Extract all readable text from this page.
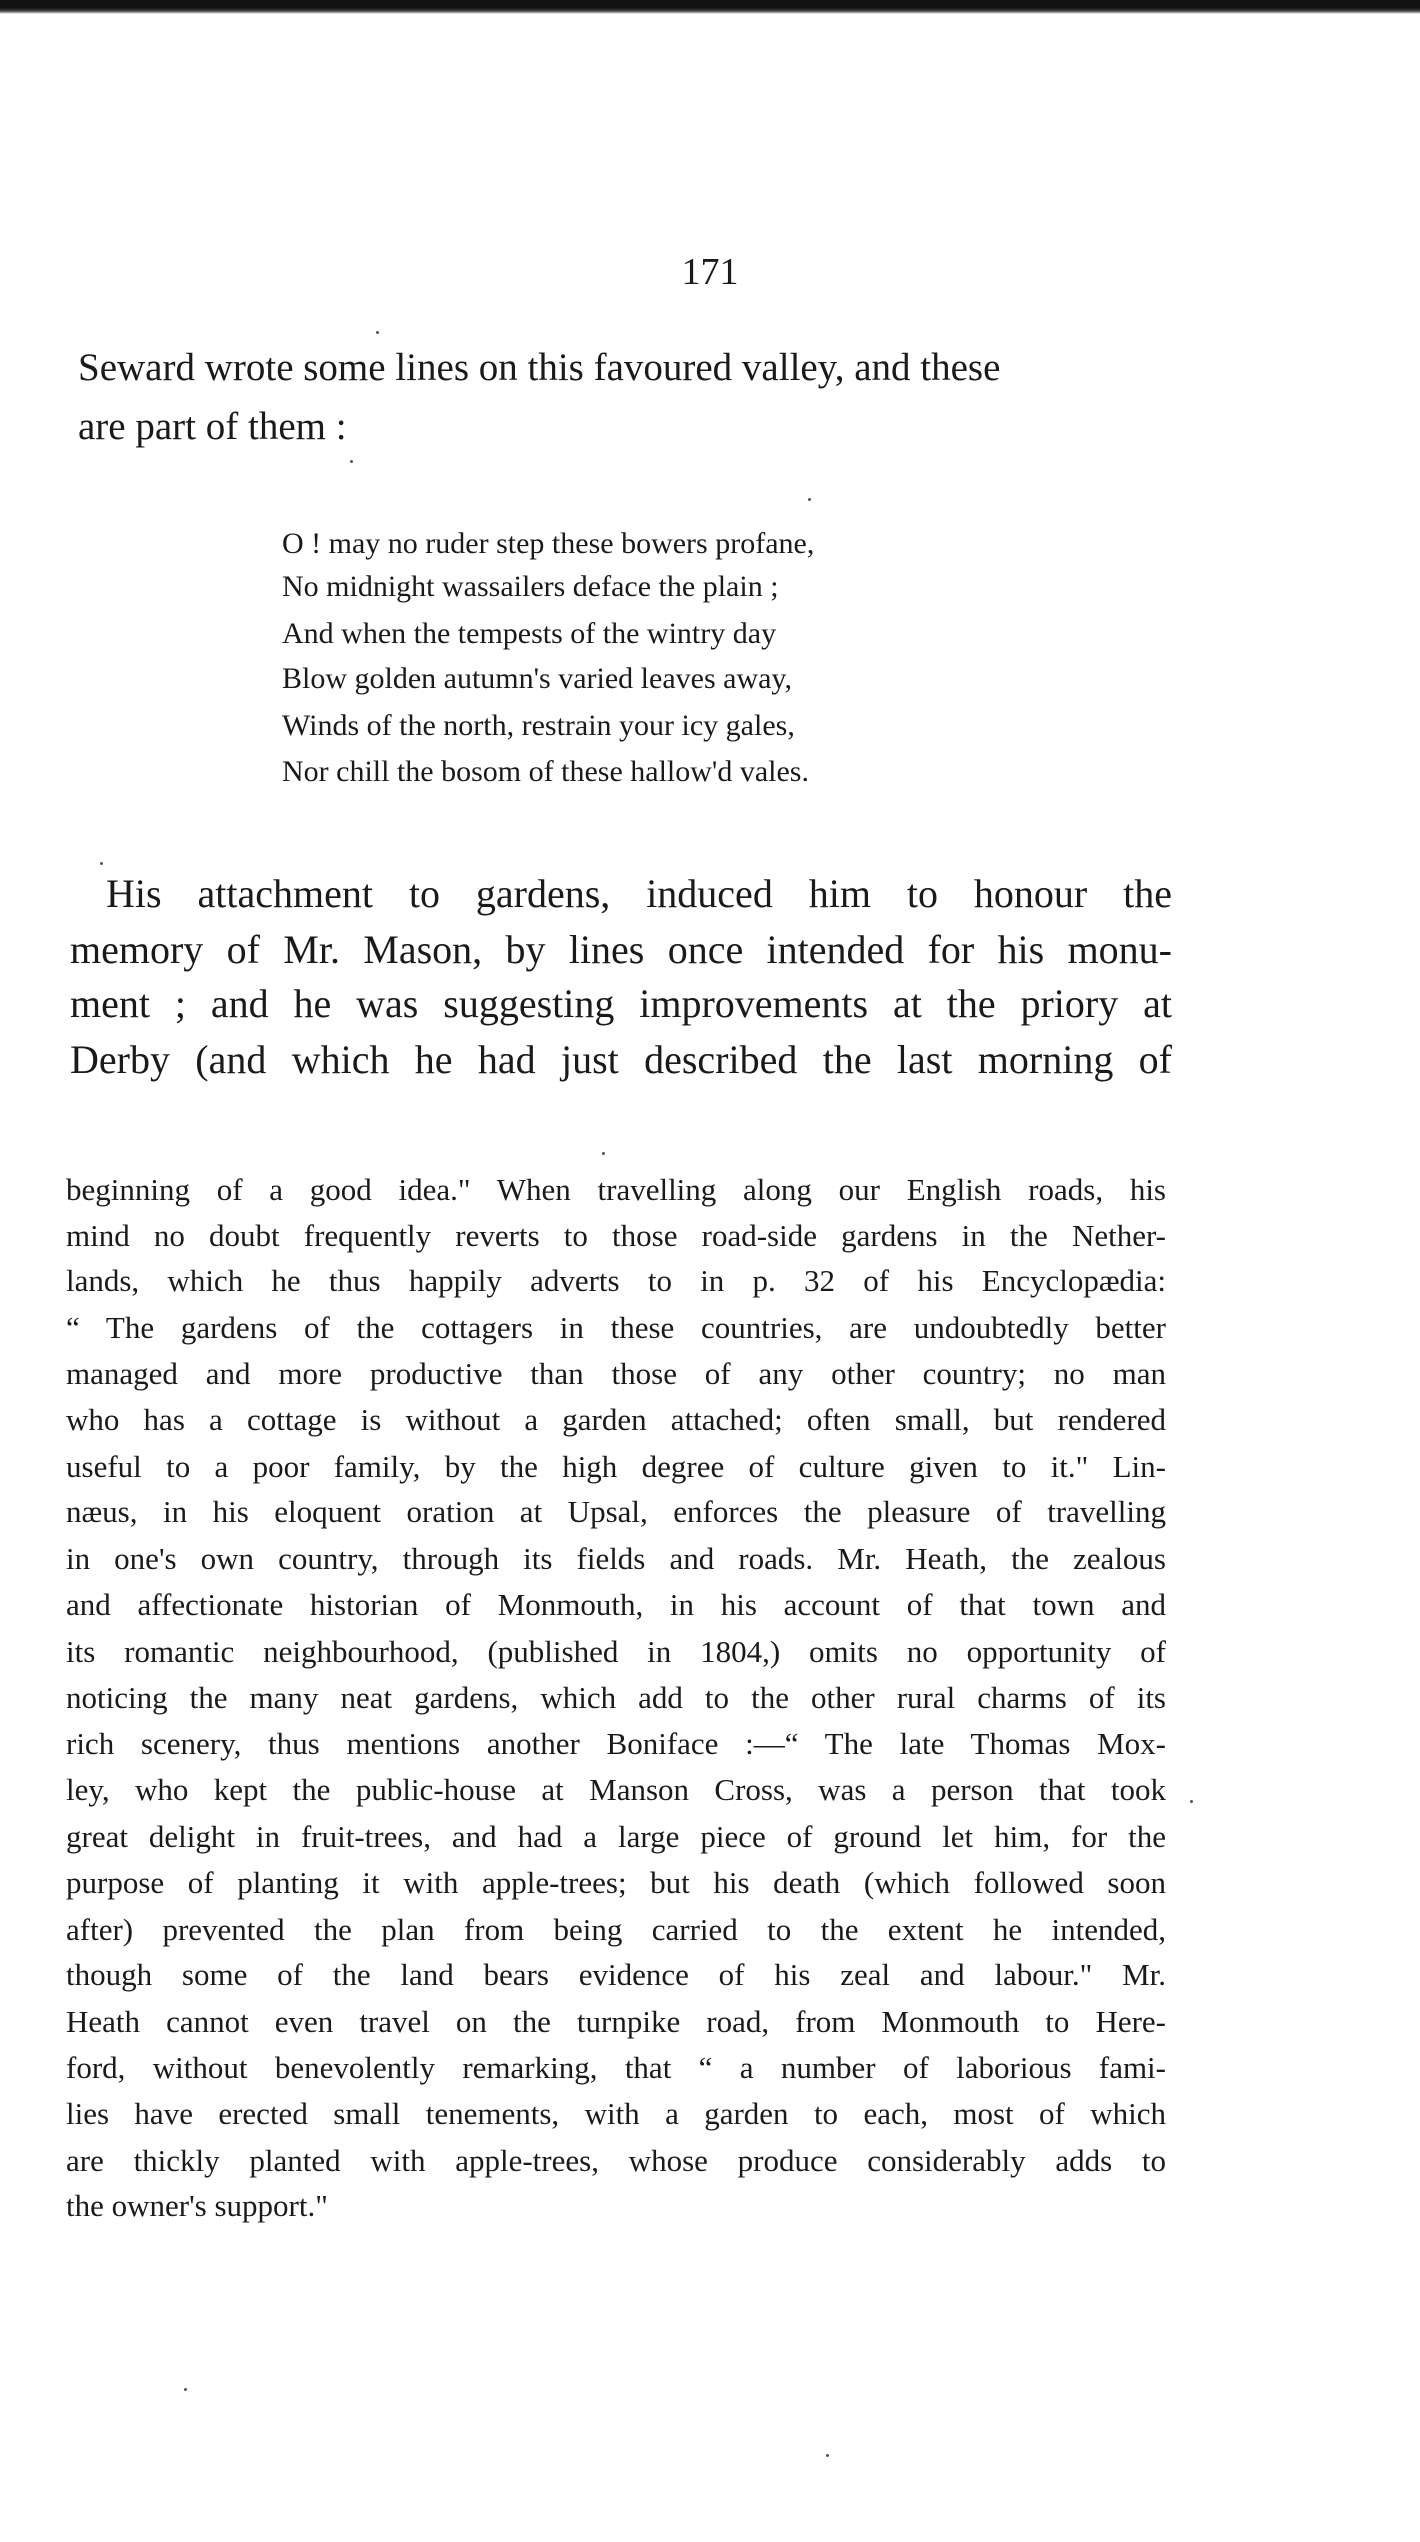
171
Seward wrote some lines on this favoured valley, and these
are part of them :
O ! may no ruder step these bowers profane,
No midnight wassailers deface the plain ;
And when the tempests of the wintry day
Blow golden autumn's varied leaves away,
Winds of the north, restrain your icy gales,
Nor chill the bosom of these hallow'd vales.
His attachment to gardens, induced him to honour the
memory of Mr. Mason, by lines once intended for his monu-
ment ; and he was suggesting improvements at the priory at
Derby (and which he had just described the last morning of
beginning of a good idea." When travelling along our English roads, his
mind no doubt frequently reverts to those road-side gardens in the Nether-
lands, which he thus happily adverts to in p. 32 of his Encyclopædia:
“ The gardens of the cottagers in these countries, are undoubtedly better
managed and more productive than those of any other country; no man
who has a cottage is without a garden attached; often small, but rendered
useful to a poor family, by the high degree of culture given to it." Lin-
næus, in his eloquent oration at Upsal, enforces the pleasure of travelling
in one's own country, through its fields and roads. Mr. Heath, the zealous
and affectionate historian of Monmouth, in his account of that town and
its romantic neighbourhood, (published in 1804,) omits no opportunity of
noticing the many neat gardens, which add to the other rural charms of its
rich scenery, thus mentions another Boniface :—“ The late Thomas Mox-
ley, who kept the public-house at Manson Cross, was a person that took
great delight in fruit-trees, and had a large piece of ground let him, for the
purpose of planting it with apple-trees; but his death (which followed soon
after) prevented the plan from being carried to the extent he intended,
though some of the land bears evidence of his zeal and labour." Mr.
Heath cannot even travel on the turnpike road, from Monmouth to Here-
ford, without benevolently remarking, that “ a number of laborious fami-
lies have erected small tenements, with a garden to each, most of which
are thickly planted with apple-trees, whose produce considerably adds to
the owner's support."
